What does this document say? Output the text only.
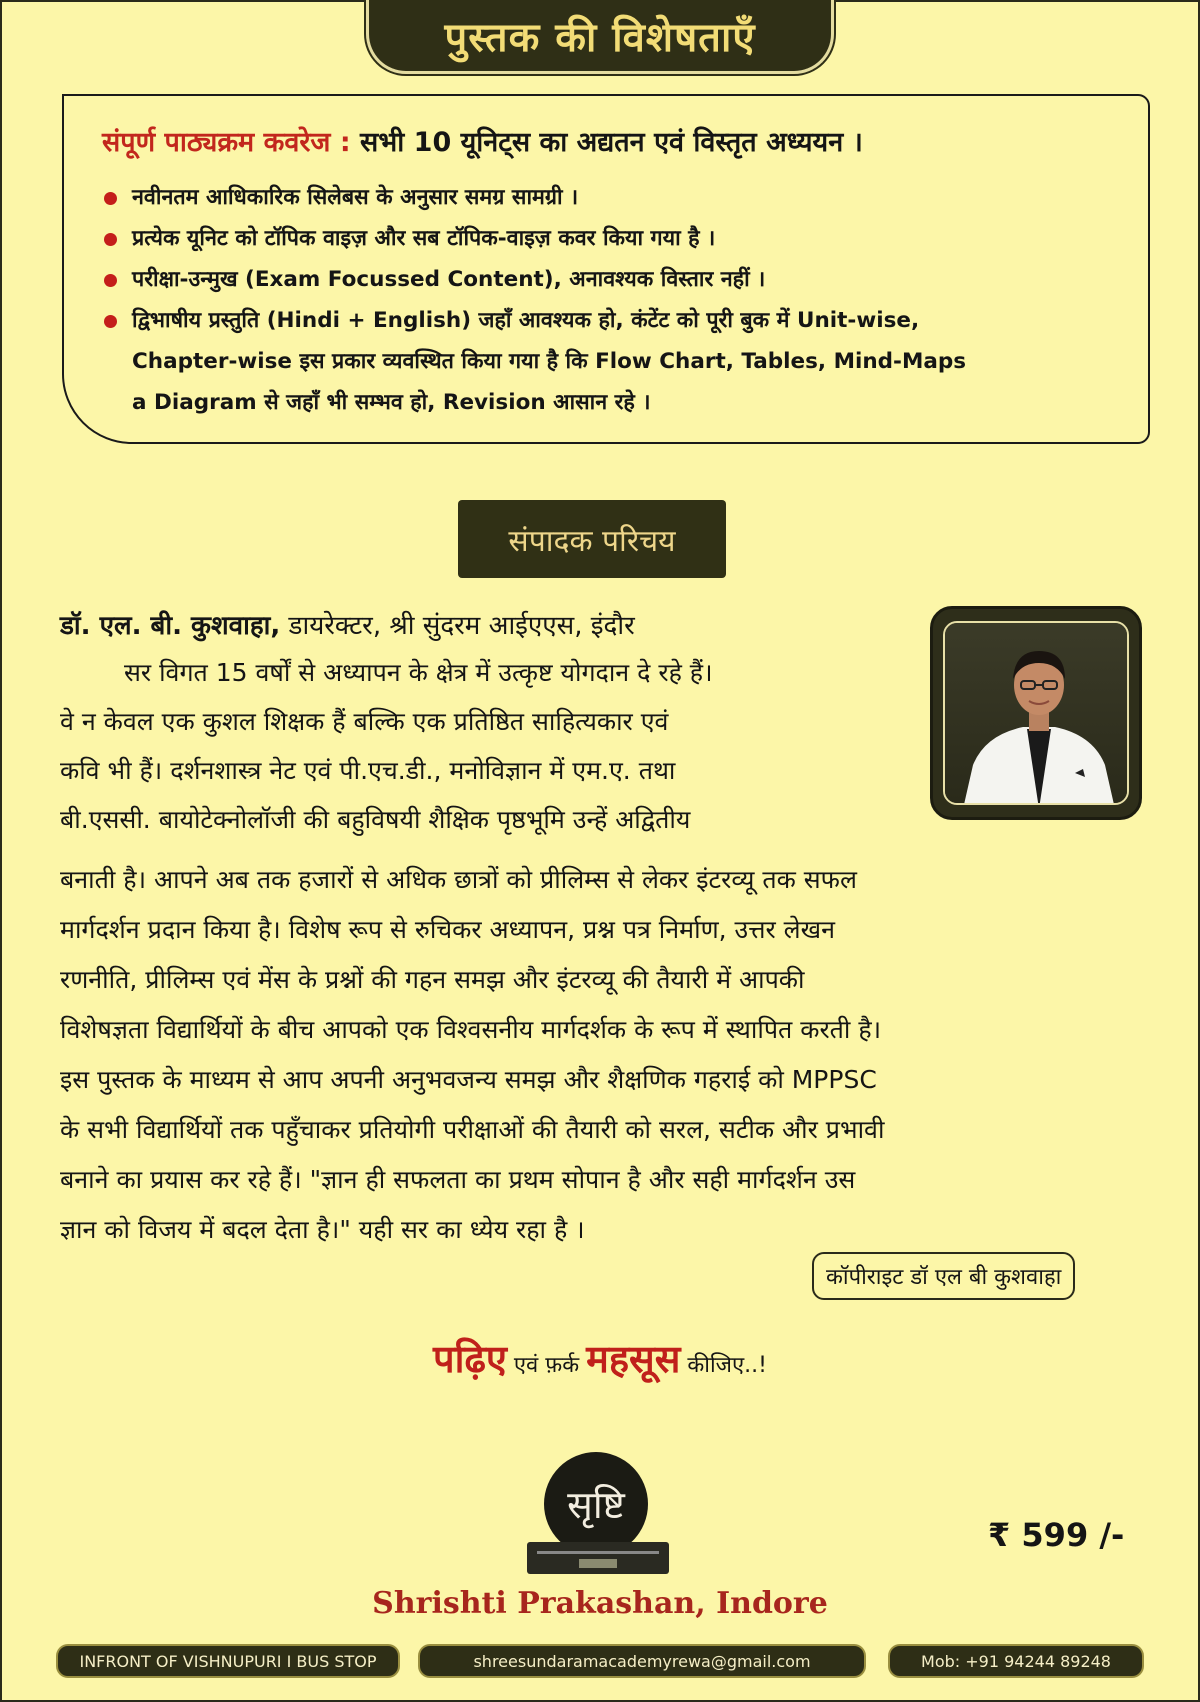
पुस्तक की विशेषताएँ

संपूर्ण पाठ्यक्रम कवरेज : सभी 10 यूनिट्स का अद्यतन एवं विस्तृत अध्ययन ।

नवीनतम आधिकारिक सिलेबस के अनुसार समग्र सामग्री ।
प्रत्येक यूनिट को टॉपिक वाइज़ और सब टॉपिक-वाइज़ कवर किया गया है ।
परीक्षा-उन्मुख (Exam Focussed Content), अनावश्यक विस्तार नहीं ।
द्विभाषीय प्रस्तुति (Hindi + English) जहाँ आवश्यक हो, कंटेंट को पूरी बुक में Unit-wise,
Chapter-wise इस प्रकार व्यवस्थित किया गया है कि Flow Chart, Tables, Mind-Maps
a Diagram से जहाँ भी सम्भव हो, Revision आसान रहे ।
संपादक परिचय
डॉ. एल. बी. कुशवाहा, डायरेक्टर, श्री सुंदरम आईएएस, इंदौर
सर विगत 15 वर्षों से अध्यापन के क्षेत्र में उत्कृष्ट योगदान दे रहे हैं।
वे न केवल एक कुशल शिक्षक हैं बल्कि एक प्रतिष्ठित साहित्यकार एवं
कवि भी हैं। दर्शनशास्त्र नेट एवं पी.एच.डी., मनोविज्ञान में एम.ए. तथा
बी.एससी. बायोटेक्नोलॉजी की बहुविषयी शैक्षिक पृष्ठभूमि उन्हें अद्वितीय
बनाती है। आपने अब तक हजारों से अधिक छात्रों को प्रीलिम्स से लेकर इंटरव्यू तक सफल
मार्गदर्शन प्रदान किया है। विशेष रूप से रुचिकर अध्यापन, प्रश्न पत्र निर्माण, उत्तर लेखन
रणनीति, प्रीलिम्स एवं मेंस के प्रश्नों की गहन समझ और इंटरव्यू की तैयारी में आपकी
विशेषज्ञता विद्यार्थियों के बीच आपको एक विश्वसनीय मार्गदर्शक के रूप में स्थापित करती है।
इस पुस्तक के माध्यम से आप अपनी अनुभवजन्य समझ और शैक्षणिक गहराई को MPPSC
के सभी विद्यार्थियों तक पहुँचाकर प्रतियोगी परीक्षाओं की तैयारी को सरल, सटीक और प्रभावी
बनाने का प्रयास कर रहे हैं। "ज्ञान ही सफलता का प्रथम सोपान है और सही मार्गदर्शन उस
ज्ञान को विजय में बदल देता है।" यही सर का ध्येय रहा है ।
कॉपीराइट डॉ एल बी कुशवाहा
पढ़िए एवं फ़र्क महसूस कीजिए..!
सृष्टि
₹ 599 /-
Shrishti Prakashan, Indore
INFRONT OF VISHNUPURI I BUS STOP	shreesundaramacademyrewa@gmail.com	Mob: +91 94244 89248
